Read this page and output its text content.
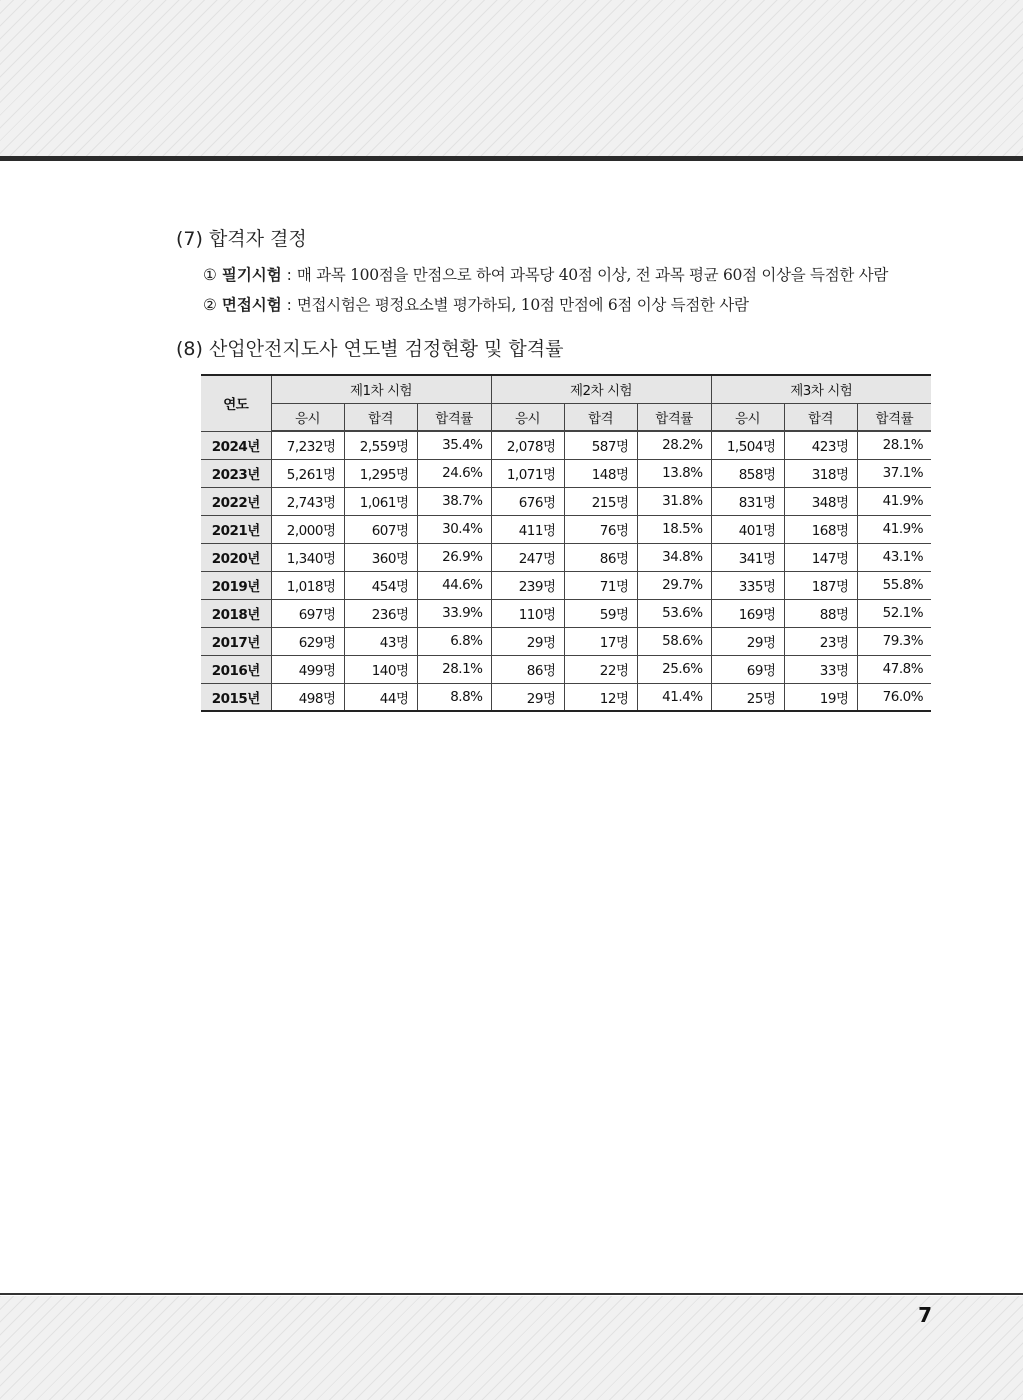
(7) 합격자 결정
① 필기시험 : 매 과목 100점을 만점으로 하여 과목당 40점 이상, 전 과목 평균 60점 이상을 득점한 사람
② 면접시험 : 면접시험은 평정요소별 평가하되, 10점 만점에 6점 이상 득점한 사람
(8) 산업안전지도사 연도별 검정현황 및 합격률
연도	제1차 시험			제2차 시험			제3차 시험		
	응시	합격	합격률	응시	합격	합격률	응시	합격	합격률
2024년	7,232명	2,559명	35.4%	2,078명	587명	28.2%	1,504명	423명	28.1%
2023년	5,261명	1,295명	24.6%	1,071명	148명	13.8%	858명	318명	37.1%
2022년	2,743명	1,061명	38.7%	676명	215명	31.8%	831명	348명	41.9%
2021년	2,000명	607명	30.4%	411명	76명	18.5%	401명	168명	41.9%
2020년	1,340명	360명	26.9%	247명	86명	34.8%	341명	147명	43.1%
2019년	1,018명	454명	44.6%	239명	71명	29.7%	335명	187명	55.8%
2018년	697명	236명	33.9%	110명	59명	53.6%	169명	88명	52.1%
2017년	629명	43명	6.8%	29명	17명	58.6%	29명	23명	79.3%
2016년	499명	140명	28.1%	86명	22명	25.6%	69명	33명	47.8%
2015년	498명	44명	8.8%	29명	12명	41.4%	25명	19명	76.0%
7
